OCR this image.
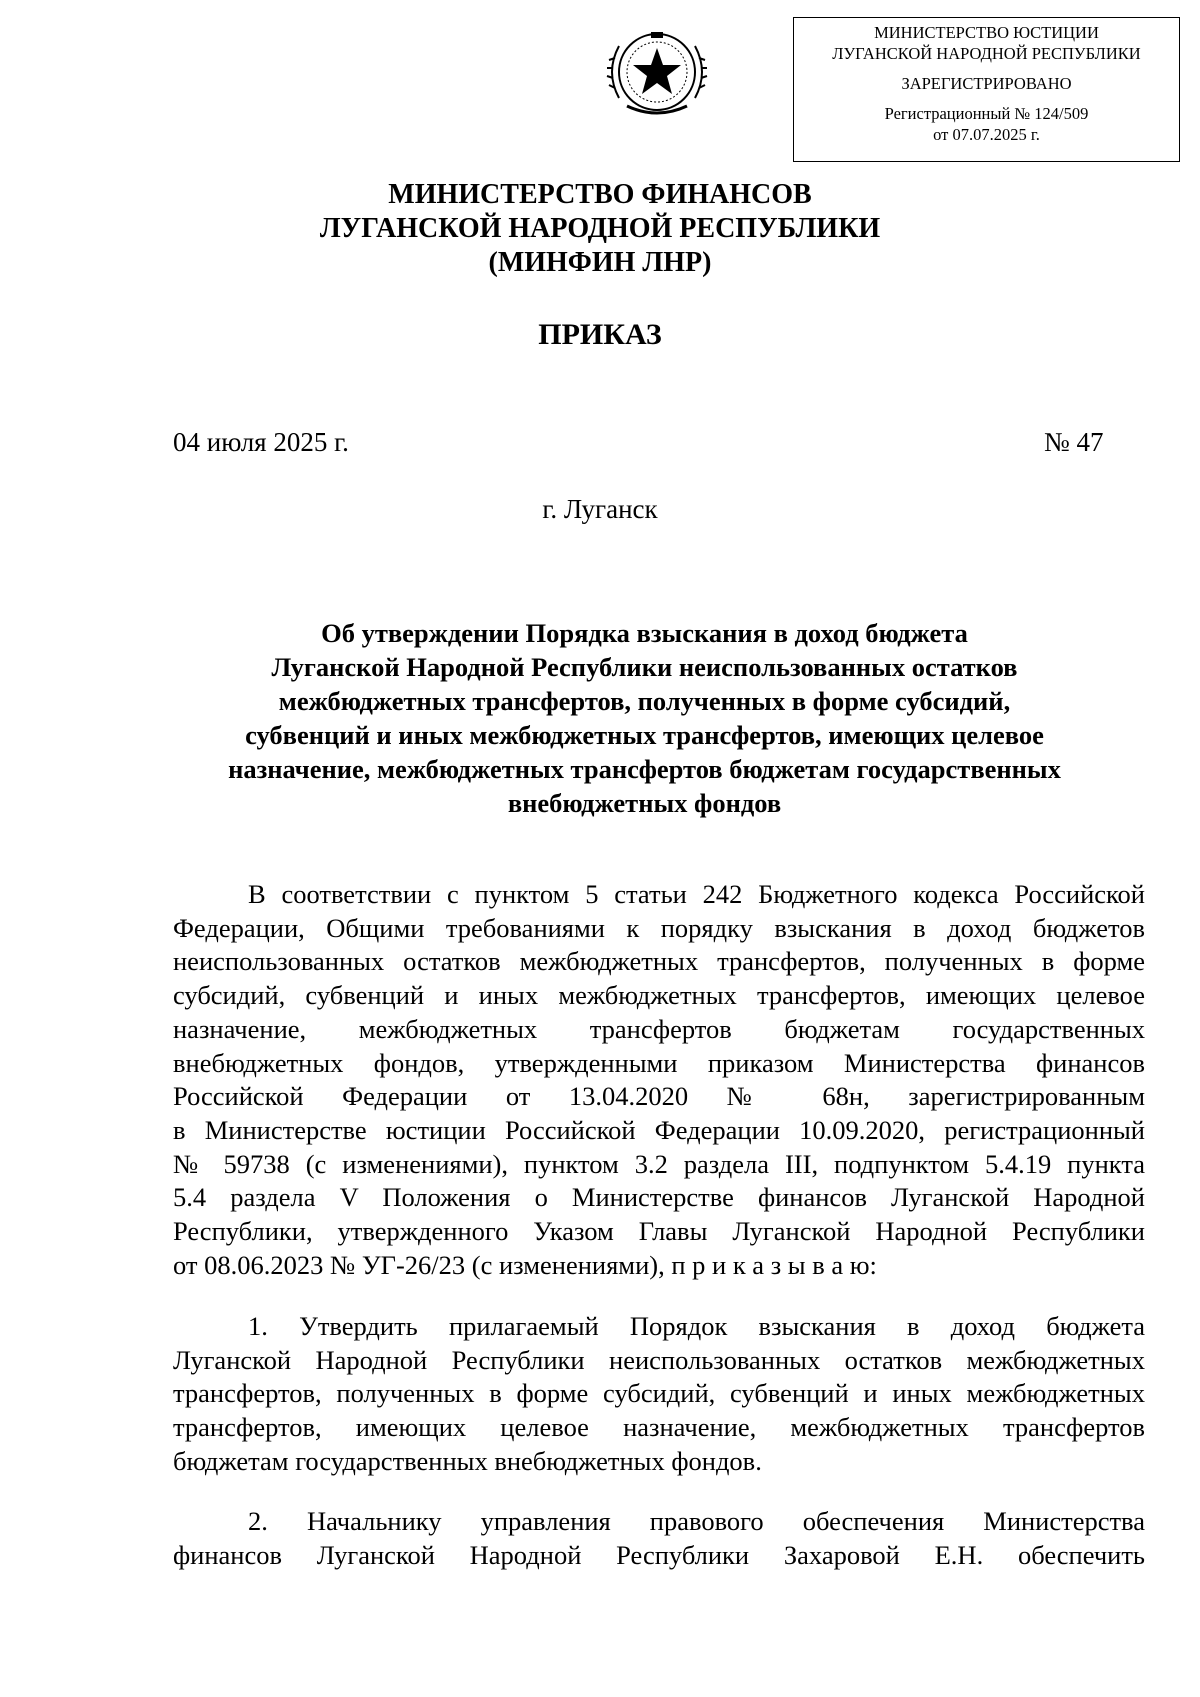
МИНИСТЕРСТВО ЮСТИЦИИ
ЛУГАНСКОЙ НАРОДНОЙ РЕСПУБЛИКИ
ЗАРЕГИСТРИРОВАНО
Регистрационный № 124/509
от 07.07.2025 г.
МИНИСТЕРСТВО ФИНАНСОВ
ЛУГАНСКОЙ НАРОДНОЙ РЕСПУБЛИКИ
(МИНФИН ЛНР)
ПРИКАЗ
04 июля 2025 г.	№ 47
г. Луганск
Об утверждении Порядка взыскания в доход бюджета
Луганской Народной Республики неиспользованных остатков
межбюджетных трансфертов, полученных в форме субсидий,
субвенций и иных межбюджетных трансфертов, имеющих целевое
назначение, межбюджетных трансфертов бюджетам государственных
внебюджетных фондов
В соответствии с пунктом 5 статьи 242 Бюджетного кодекса Российской
Федерации, Общими требованиями к порядку взыскания в доход бюджетов
неиспользованных остатков межбюджетных трансфертов, полученных в форме
субсидий, субвенций и иных межбюджетных трансфертов, имеющих целевое
назначение, межбюджетных трансфертов бюджетам государственных
внебюджетных фондов, утвержденными приказом Министерства финансов
Российской Федерации от 13.04.2020 № 68н, зарегистрированным
в Министерстве юстиции Российской Федерации 10.09.2020, регистрационный
№ 59738 (с изменениями), пунктом 3.2 раздела III, подпунктом 5.4.19 пункта
5.4 раздела V Положения о Министерстве финансов Луганской Народной
Республики, утвержденного Указом Главы Луганской Народной Республики
от 08.06.2023 № УГ-26/23 (с изменениями), п р и к а з ы в а ю:
1. Утвердить прилагаемый Порядок взыскания в доход бюджета
Луганской Народной Республики неиспользованных остатков межбюджетных
трансфертов, полученных в форме субсидий, субвенций и иных межбюджетных
трансфертов, имеющих целевое назначение, межбюджетных трансфертов
бюджетам государственных внебюджетных фондов.
2. Начальнику управления правового обеспечения Министерства
финансов Луганской Народной Республики Захаровой Е.Н. обеспечить
